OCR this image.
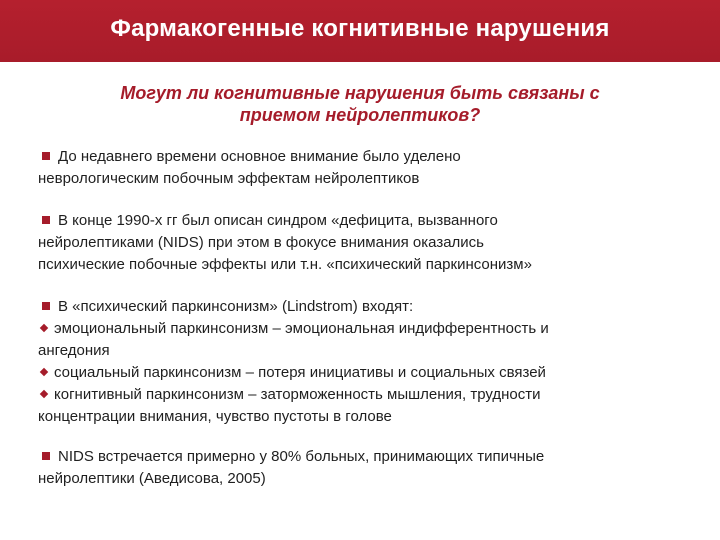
Фармакогенные когнитивные нарушения
Могут ли когнитивные нарушения быть связаны с
приемом нейролептиков?
До недавнего времени основное внимание было уделено
неврологическим побочным эффектам нейролептиков
В конце 1990-х гг был описан синдром «дефицита, вызванного
нейролептиками (NIDS) при этом в фокусе внимания оказались
психические побочные эффекты или т.н. «психический паркинсонизм»
В «психический паркинсонизм» (Lindstrom) входят:
эмоциональный паркинсонизм – эмоциональная индифферентность и
ангедония
социальный паркинсонизм – потеря инициативы и социальных связей
когнитивный паркинсонизм – заторможенность мышления, трудности
концентрации внимания, чувство пустоты в голове
NIDS встречается примерно у 80% больных, принимающих типичные
нейролептики (Аведисова, 2005)
